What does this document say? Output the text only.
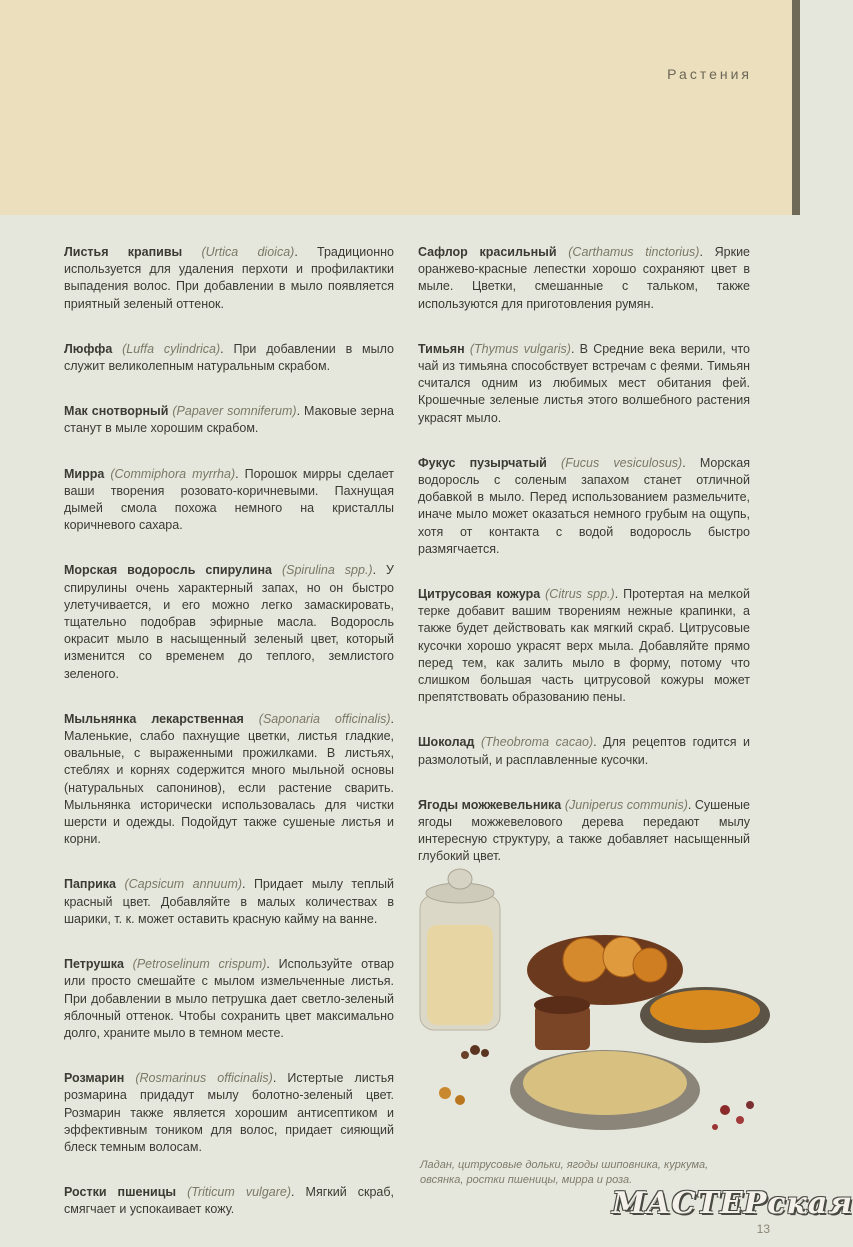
Растения

Листья крапивы (Urtica dioica). Традиционно используется для удаления перхоти и профилактики выпадения волос. При добавлении в мыло появляется приятный зеленый оттенок.

Люффа (Luffa cylindrica). При добавлении в мыло служит великолепным натуральным скрабом.

Мак снотворный (Papaver somniferum). Маковые зерна станут в мыле хорошим скрабом.

Мирра (Commiphora myrrha). Порошок мирры сделает ваши творения розовато-коричневыми. Пахнущая дымей смола похожа немного на кристаллы коричневого сахара.

Морская водоросль спирулина (Spirulina spp.). У спирулины очень характерный запах, но он быстро улетучивается, и его можно легко замаскировать, тщательно подобрав эфирные масла. Водоросль окрасит мыло в насыщенный зеленый цвет, который изменится со временем до теплого, землистого зеленого.

Мыльнянка лекарственная (Saponaria officinalis). Маленькие, слабо пахнущие цветки, листья гладкие, овальные, с выраженными прожилками. В листьях, стеблях и корнях содержится много мыльной основы (натуральных сапонинов), если растение сварить. Мыльнянка исторически использовалась для чистки шерсти и одежды. Подойдут также сушеные листья и корни.

Паприка (Capsicum annuum). Придает мылу теплый красный цвет. Добавляйте в малых количествах в шарики, т. к. может оставить красную кайму на ванне.

Петрушка (Petroselinum crispum). Используйте отвар или просто смешайте с мылом измельченные листья. При добавлении в мыло петрушка дает светло-зеленый яблочный оттенок. Чтобы сохранить цвет максимально долго, храните мыло в темном месте.

Розмарин (Rosmarinus officinalis). Истертые листья розмарина придадут мылу болотно-зеленый цвет. Розмарин также является хорошим антисептиком и эффективным тоником для волос, придает сияющий блеск темным волосам.

Ростки пшеницы (Triticum vulgare). Мягкий скраб, смягчает и успокаивает кожу.

Сафлор красильный (Carthamus tinctorius). Яркие оранжево-красные лепестки хорошо сохраняют цвет в мыле. Цветки, смешанные с тальком, также используются для приготовления румян.

Тимьян (Thymus vulgaris). В Средние века верили, что чай из тимьяна способствует встречам с феями. Тимьян считался одним из любимых мест обитания фей. Крошечные зеленые листья этого волшебного растения украсят мыло.

Фукус пузырчатый (Fucus vesiculosus). Морская водоросль с соленым запахом станет отличной добавкой в мыло. Перед использованием размельчите, иначе мыло может оказаться немного грубым на ощупь, хотя от контакта с водой водоросль быстро размягчается.

Цитрусовая кожура (Citrus spp.). Протертая на мелкой терке добавит вашим творениям нежные крапинки, а также будет действовать как мягкий скраб. Цитрусовые кусочки хорошо украсят верх мыла. Добавляйте прямо перед тем, как залить мыло в форму, потому что слишком большая часть цитрусовой кожуры может препятствовать образованию пены.

Шоколад (Theobroma cacao). Для рецептов годится и размолотый, и расплавленные кусочки.

Ягоды можжевельника (Juniperus communis). Сушеные ягоды можжевелового дерева передают мылу интересную структуру, а также добавляет насыщенный глубокий цвет.

Ладан, цитрусовые дольки, ягоды шиповника, куркума, овсянка, ростки пшеницы, мирра и роза.
МАСТЕРская
13
